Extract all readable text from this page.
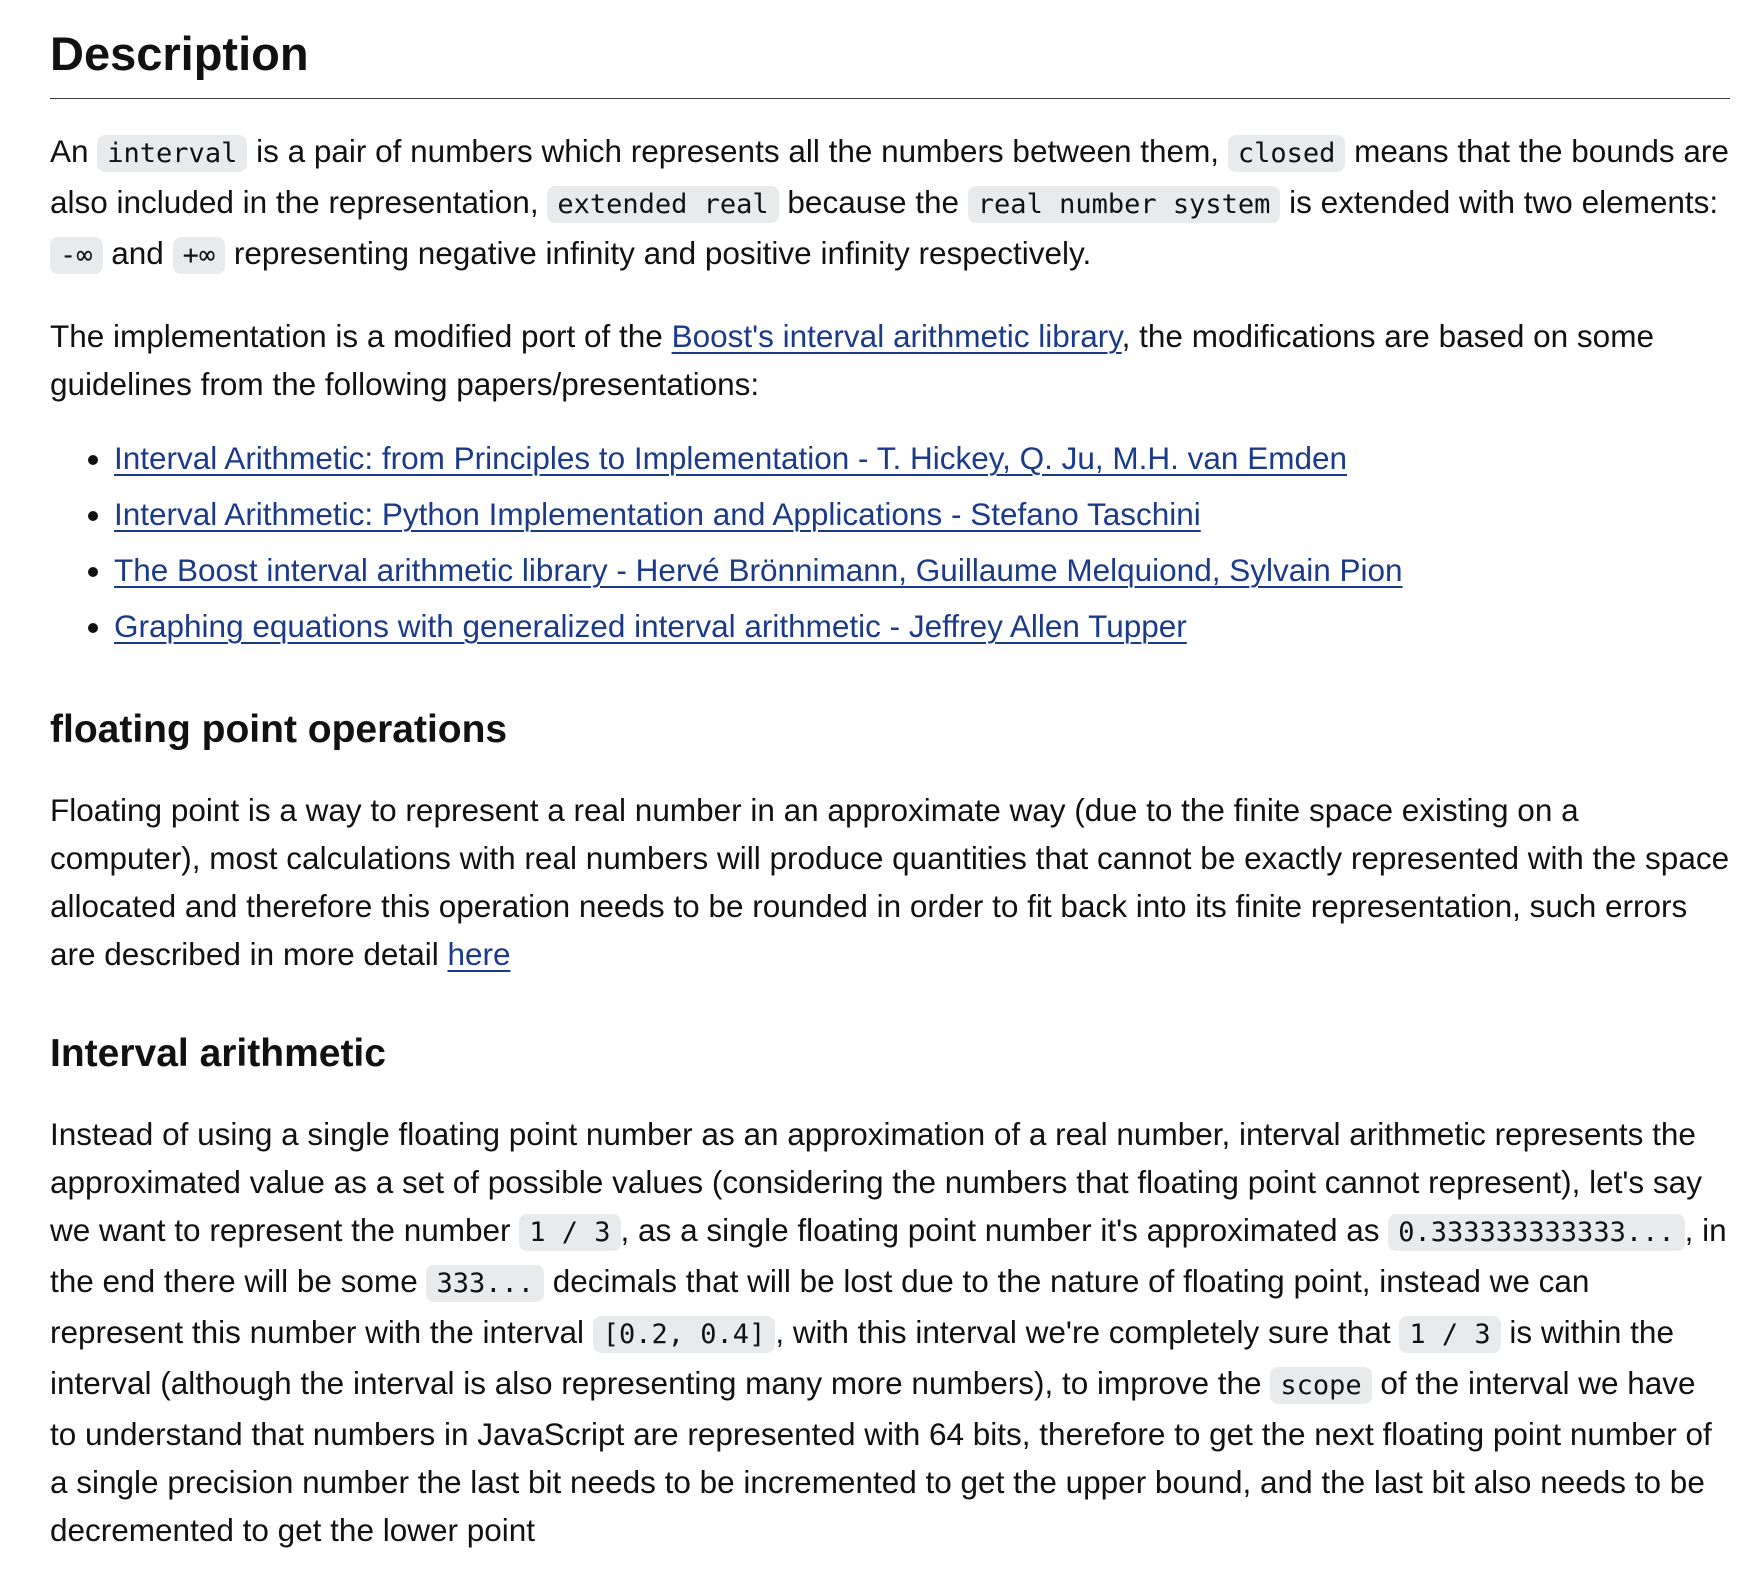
Description

An interval is a pair of numbers which represents all the numbers between them, closed means that the bounds are also included in the representation, extended real because the real number system is extended with two elements: -∞ and +∞ representing negative infinity and positive infinity respectively.

The implementation is a modified port of the Boost's interval arithmetic library, the modifications are based on some guidelines from the following papers/presentations:

• Interval Arithmetic: from Principles to Implementation - T. Hickey, Q. Ju, M.H. van Emden
• Interval Arithmetic: Python Implementation and Applications - Stefano Taschini
• The Boost interval arithmetic library - Hervé Brönnimann, Guillaume Melquiond, Sylvain Pion
• Graphing equations with generalized interval arithmetic - Jeffrey Allen Tupper
floating point operations

Floating point is a way to represent a real number in an approximate way (due to the finite space existing on a computer), most calculations with real numbers will produce quantities that cannot be exactly represented with the space allocated and therefore this operation needs to be rounded in order to fit back into its finite representation, such errors are described in more detail here

Interval arithmetic

Instead of using a single floating point number as an approximation of a real number, interval arithmetic represents the approximated value as a set of possible values (considering the numbers that floating point cannot represent), let's say we want to represent the number 1 / 3 , as a single floating point number it's approximated as 0.333333333333... , in the end there will be some 333... decimals that will be lost due to the nature of floating point, instead we can represent this number with the interval [0.2, 0.4] , with this interval we're completely sure that 1 / 3 is within the interval (although the interval is also representing many more numbers), to improve the scope of the interval we have to understand that numbers in JavaScript are represented with 64 bits, therefore to get the next floating point number of a single precision number the last bit needs to be incremented to get the upper bound, and the last bit also needs to be decremented to get the lower point
